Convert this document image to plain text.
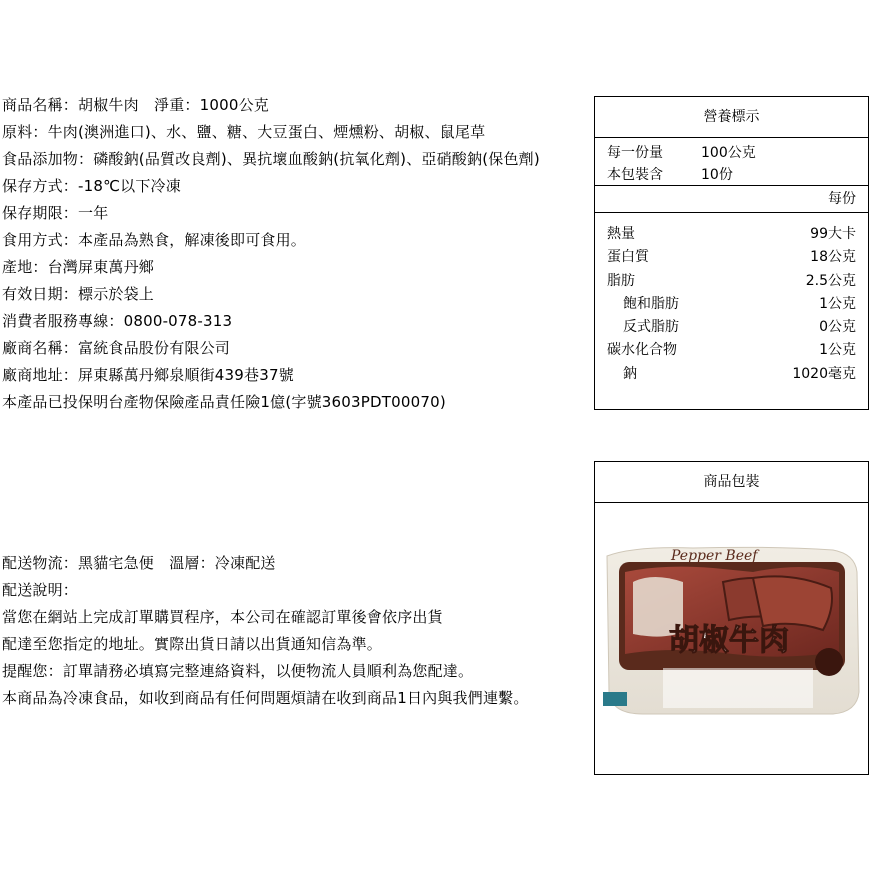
商品名稱：胡椒牛肉　淨重：1000公克
原料：牛肉(澳洲進口)、水、鹽、糖、大豆蛋白、煙燻粉、胡椒、鼠尾草
食品添加物：磷酸鈉(品質改良劑)、異抗壞血酸鈉(抗氧化劑)、亞硝酸鈉(保色劑)
保存方式：-18℃以下冷凍
保存期限：一年
食用方式：本產品為熟食，解凍後即可食用。
產地：台灣屏東萬丹鄉
有效日期：標示於袋上
消費者服務專線：0800-078-313
廠商名稱：富統食品股份有限公司
廠商地址：屏東縣萬丹鄉泉順街439巷37號
本產品已投保明台產物保險產品責任險1億(字號3603PDT00070)
營養標示
每一份量	100公克
本包裝含	10份
每份
熱量	99大卡
蛋白質	18公克
脂肪	2.5公克
飽和脂肪	1公克
反式脂肪	0公克
碳水化合物	1公克
鈉	1020毫克
配送物流：黑貓宅急便　溫層：冷凍配送
配送說明：
當您在網站上完成訂單購買程序，本公司在確認訂單後會依序出貨
配達至您指定的地址。實際出貨日請以出貨通知信為準。
提醒您：訂單請務必填寫完整連絡資料，以便物流人員順利為您配達。
本商品為冷凍食品，如收到商品有任何問題煩請在收到商品1日內與我們連繫。
商品包裝
Pepper Beef
胡椒牛肉
